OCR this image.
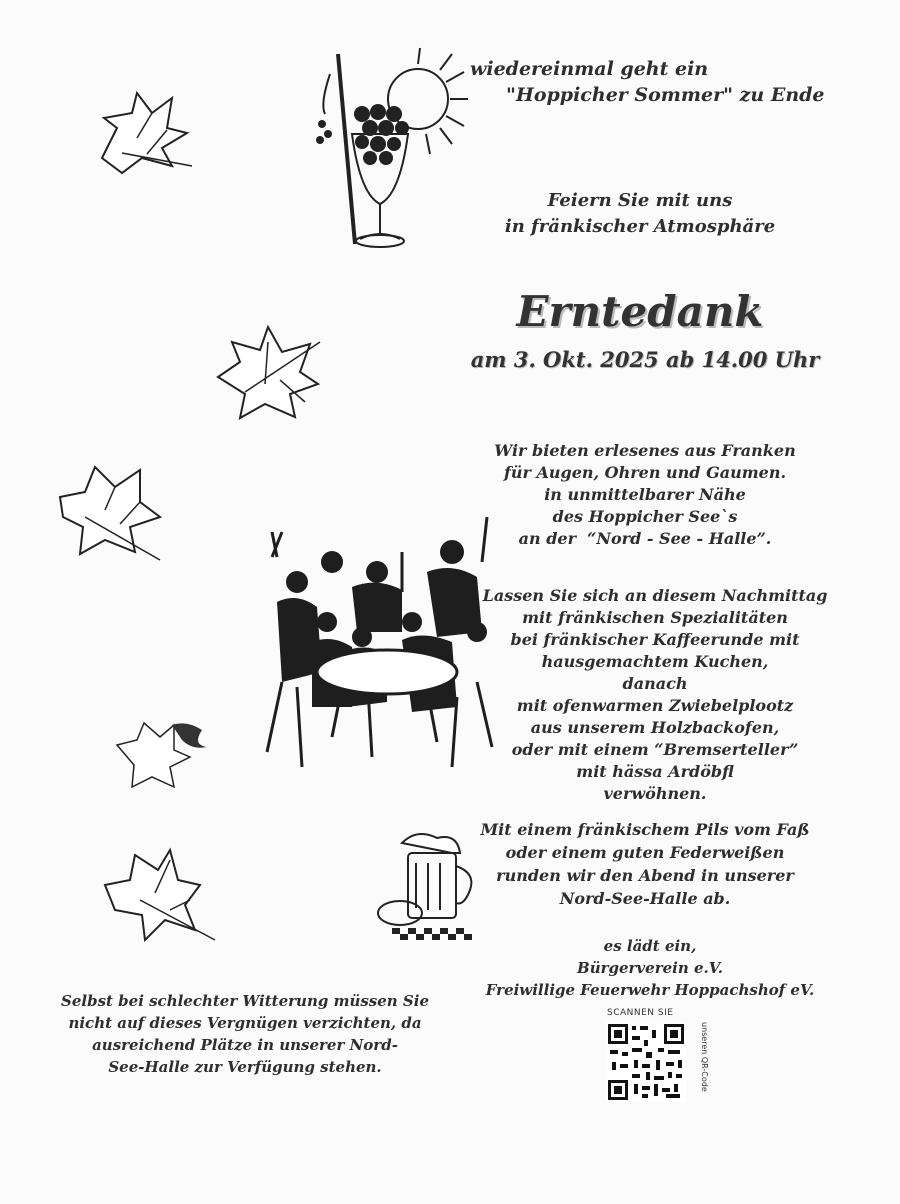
wiedereinmal geht ein
"Hoppicher Sommer" zu Ende
Feiern Sie mit uns
in fränkischer Atmosphäre
Erntedank
am 3. Okt. 2025 ab 14.00 Uhr
Wir bieten erlesenes aus Franken
für Augen, Ohren und Gaumen.
in unmittelbarer Nähe
des Hoppicher See`s
an der  “Nord - See - Halle”.
Lassen Sie sich an diesem Nachmittag
mit fränkischen Spezialitäten
bei fränkischer Kaffeerunde mit
hausgemachtem Kuchen,
danach
mit ofenwarmen Zwiebelplootz
aus unserem Holzbackofen,
oder mit einem “Bremserteller”
mit hässa Ardöbfl
verwöhnen.
Mit einem fränkischem Pils vom Faß
oder einem guten Federweißen
runden wir den Abend in unserer
Nord-See-Halle ab.
es lädt ein,
Bürgerverein e.V.
Freiwillige Feuerwehr Hoppachshof eV.
Selbst bei schlechter Witterung müssen Sie
nicht auf dieses Vergnügen verzichten, da
ausreichend Plätze in unserer Nord-
See-Halle zur Verfügung stehen.
SCANNEN SIE
unseren QR-Code
